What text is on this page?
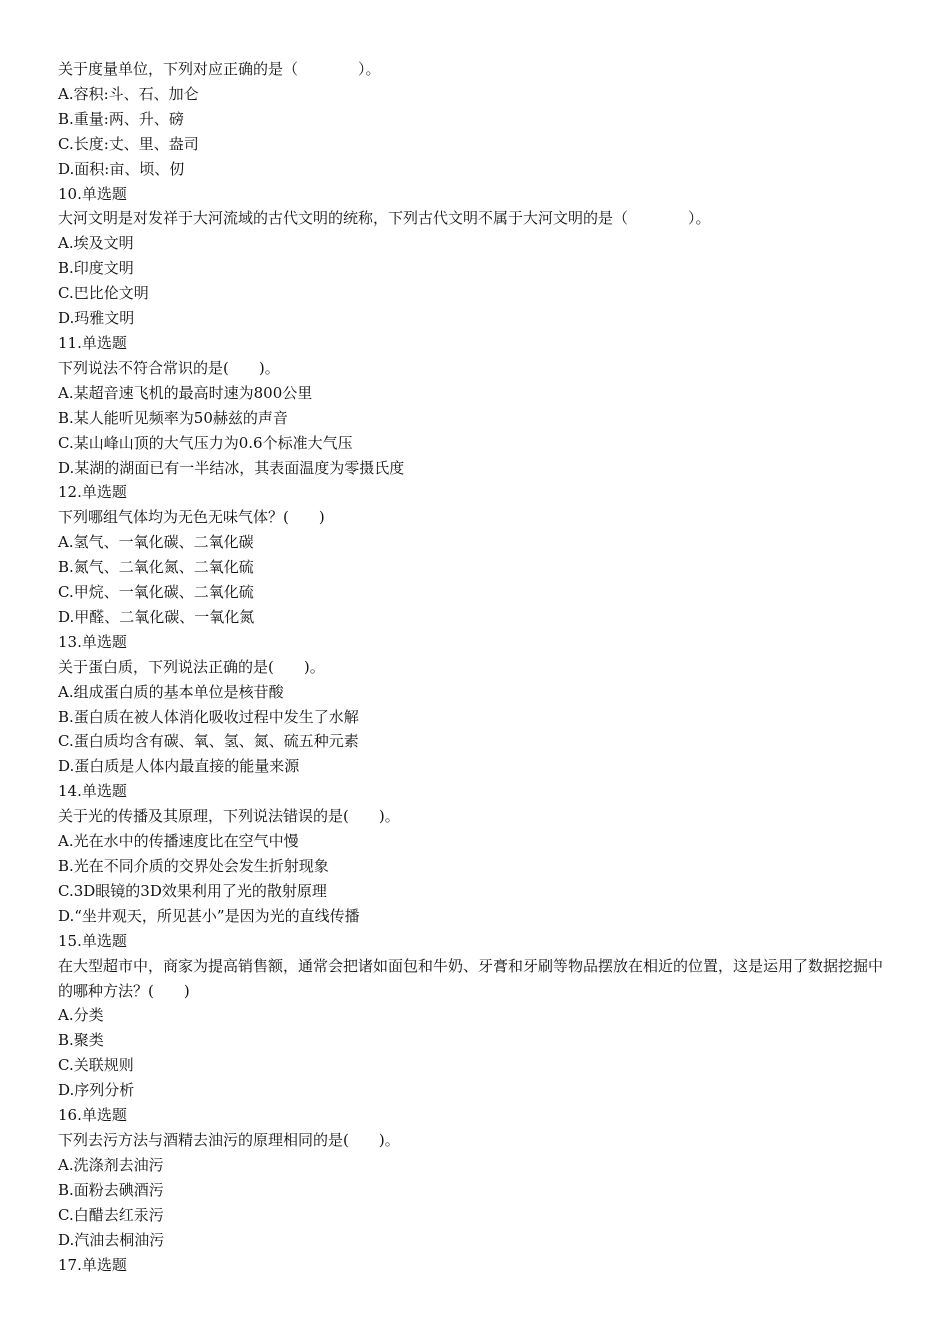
关于度量单位，下列对应正确的是（　　　　）。

A.容积:斗、石、加仑

B.重量:两、升、磅

C.长度:丈、里、盎司

D.面积:亩、顷、仞

10.单选题

大河文明是对发祥于大河流域的古代文明的统称，下列古代文明不属于大河文明的是（　　　　）。

A.埃及文明

B.印度文明

C.巴比伦文明

D.玛雅文明

11.单选题

下列说法不符合常识的是(　　)。

A.某超音速飞机的最高时速为800公里

B.某人能听见频率为50赫兹的声音

C.某山峰山顶的大气压力为0.6个标准大气压

D.某湖的湖面已有一半结冰，其表面温度为零摄氏度

12.单选题

下列哪组气体均为无色无味气体？(　　)

A.氢气、一氧化碳、二氧化碳

B.氮气、二氧化氮、二氧化硫

C.甲烷、一氧化碳、二氧化硫

D.甲醛、二氧化碳、一氧化氮

13.单选题

关于蛋白质，下列说法正确的是(　　)。

A.组成蛋白质的基本单位是核苷酸

B.蛋白质在被人体消化吸收过程中发生了水解

C.蛋白质均含有碳、氧、氢、氮、硫五种元素

D.蛋白质是人体内最直接的能量来源

14.单选题

关于光的传播及其原理，下列说法错误的是(　　)。

A.光在水中的传播速度比在空气中慢

B.光在不同介质的交界处会发生折射现象

C.3D眼镜的3D效果利用了光的散射原理

D.“坐井观天，所见甚小”是因为光的直线传播

15.单选题

在大型超市中，商家为提高销售额，通常会把诸如面包和牛奶、牙膏和牙刷等物品摆放在相近的位置，这是运用了数据挖掘中的哪种方法？(　　)

A.分类

B.聚类

C.关联规则

D.序列分析

16.单选题

下列去污方法与酒精去油污的原理相同的是(　　)。

A.洗涤剂去油污

B.面粉去碘酒污

C.白醋去红汞污

D.汽油去桐油污

17.单选题
